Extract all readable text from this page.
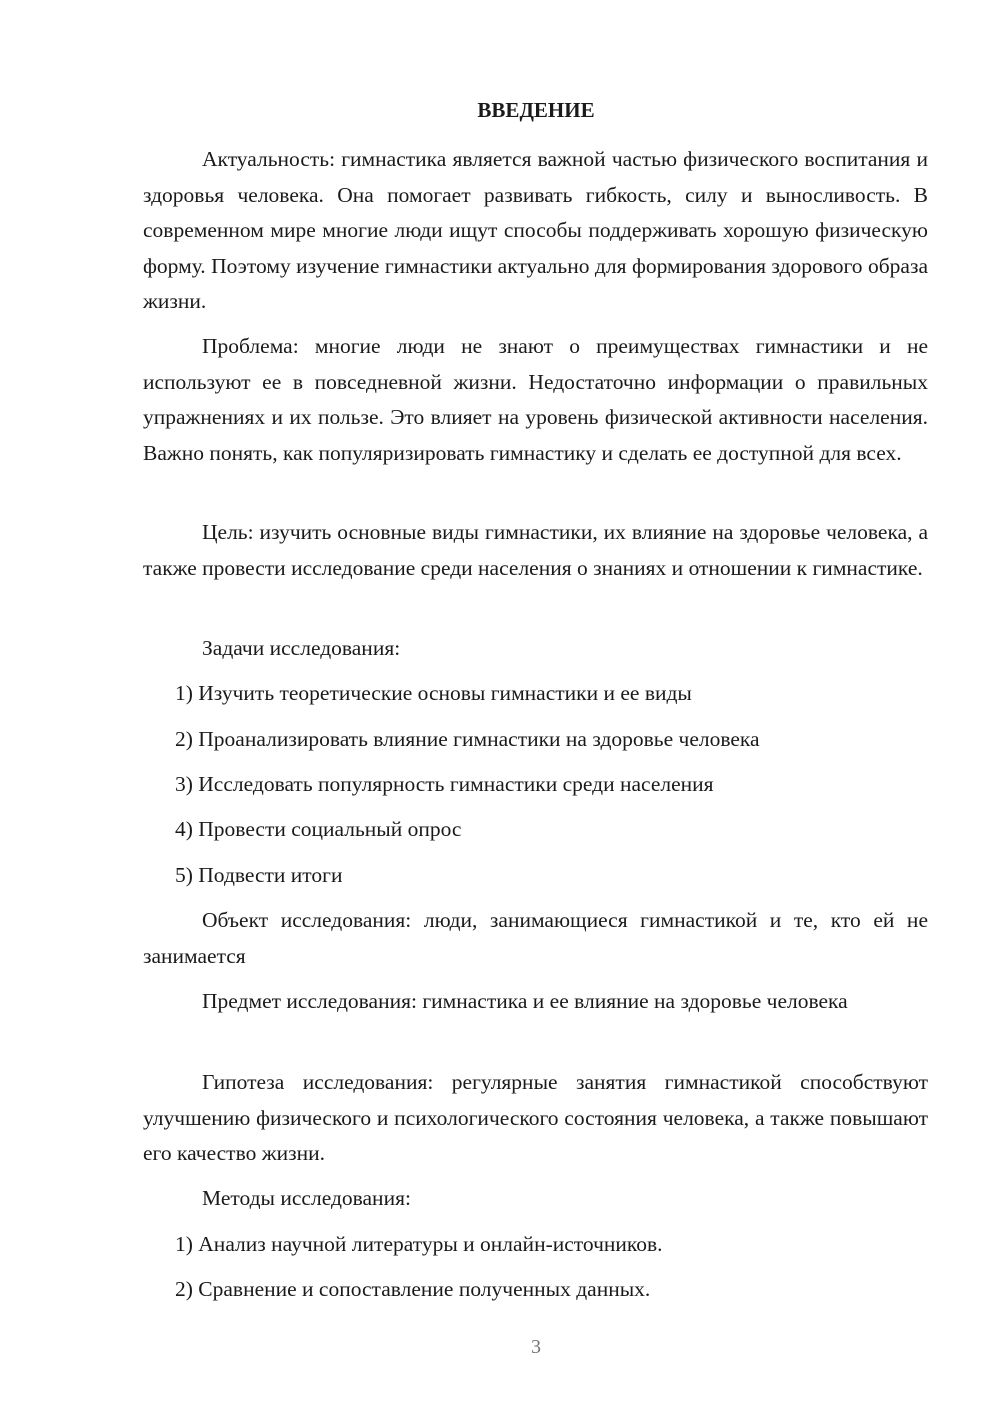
ВВЕДЕНИЕ

Актуальность: гимнастика является важной частью физического воспитания и здоровья человека. Она помогает развивать гибкость, силу и выносливость. В современном мире многие люди ищут способы поддерживать хорошую физическую форму. Поэтому изучение гимнастики актуально для формирования здорового образа жизни.

Проблема: многие люди не знают о преимуществах гимнастики и не используют ее в повседневной жизни. Недостаточно информации о правильных упражнениях и их пользе. Это влияет на уровень физической активности населения. Важно понять, как популяризировать гимнастику и сделать ее доступной для всех.

Цель: изучить основные виды гимнастики, их влияние на здоровье человека, а также провести исследование среди населения о знаниях и отношении к гимнастике.

Задачи исследования:

1) Изучить теоретические основы гимнастики и ее виды

2) Проанализировать влияние гимнастики на здоровье человека

3) Исследовать популярность гимнастики среди населения

4) Провести социальный опрос

5) Подвести итоги

Объект исследования: люди, занимающиеся гимнастикой и те, кто ей не занимается

Предмет исследования: гимнастика и ее влияние на здоровье человека

Гипотеза исследования: регулярные занятия гимнастикой способствуют улучшению физического и психологического состояния человека, а также повышают его качество жизни.

Методы исследования:

1) Анализ научной литературы и онлайн-источников.

2) Сравнение и сопоставление полученных данных.

3
